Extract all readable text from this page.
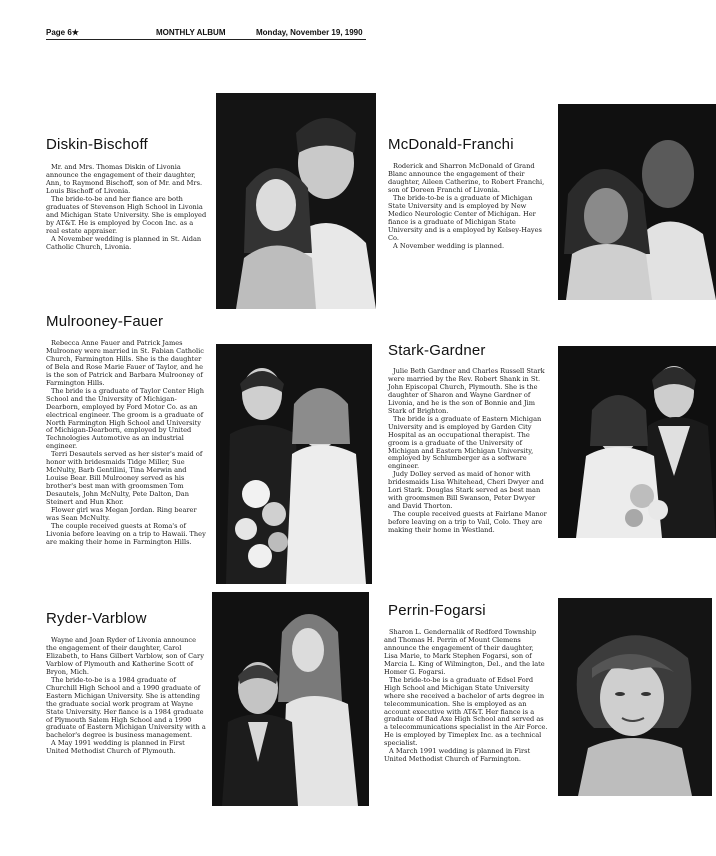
Page 6★	MONTHLY ALBUM	Monday, November 19, 1990
Diskin-Bischoff

Mr. and Mrs. Thomas Diskin of Livonia announce the engagement of their daughter, Ann, to Raymond Bischoff, son of Mr. and Mrs. Louis Bischoff of Livonia.

The bride-to-be and her fiance are both graduates of Stevenson High School in Livonia and Michigan State University. She is employed by AT&T. He is employed by Cocon Inc. as a real estate appraiser.

A November wedding is planned in St. Aidan Catholic Church, Livonia.

McDonald-Franchi

Roderick and Sharron McDonald of Grand Blanc announce the engagement of their daughter, Aileen Catherine, to Robert Franchi, son of Doreen Franchi of Livonia.

The bride-to-be is a graduate of Michigan State University and is employed by New Medico Neurologic Center of Michigan. Her fiance is a graduate of Michigan State University and is a employed by Kelsey-Hayes Co.

A November wedding is planned.

Mulrooney-Fauer

Rebecca Anne Fauer and Patrick James Mulrooney were married in St. Fabian Catholic Church, Farmington Hills. She is the daughter of Bela and Rose Marie Fauer of Taylor, and he is the son of Patrick and Barbara Mulrooney of Farmington Hills.

The bride is a graduate of Taylor Center High School and the University of Michigan-Dearborn, employed by Ford Motor Co. as an electrical engineer. The groom is a graduate of North Farmington High School and University of Michigan-Dearborn, employed by United Technologies Automotive as an industrial engineer.

Terri Desautels served as her sister's maid of honor with bridesmaids Tidge Miller, Sue McNulty, Barb Gentilini, Tina Merwin and Louise Bear. Bill Mulrooney served as his brother's best man with groomsmen Tom Desautels, John McNulty, Pete Dalton, Dan Steinert and Hun Khor.

Flower girl was Megan Jordan. Ring bearer was Sean McNulty.

The couple received guests at Roma's of Livonia before leaving on a trip to Hawaii. They are making their home in Farmington Hills.

Stark-Gardner

Julie Beth Gardner and Charles Russell Stark were married by the Rev. Robert Shank in St. John Episcopal Church, Plymouth. She is the daughter of Sharon and Wayne Gardner of Livonia, and he is the son of Bonnie and Jim Stark of Brighton.

The bride is a graduate of Eastern Michigan University and is employed by Garden City Hospital as an occupational therapist. The groom is a graduate of the University of Michigan and Eastern Michigan University, employed by Schlumberger as a software engineer.

Judy Dolley served as maid of honor with bridesmaids Lisa Whitehead, Cheri Dwyer and Lori Stark. Douglas Stark served as best man with groomsmen Bill Swanson, Peter Dwyer and David Thorton.

The couple received guests at Fairlane Manor before leaving on a trip to Vail, Colo. They are making their home in Westland.

Ryder-Varblow

Wayne and Joan Ryder of Livonia announce the engagement of their daughter, Carol Elizabeth, to Hans Gilbert Varblow, son of Cary Varblow of Plymouth and Katherine Scott of Bryon, Mich.

The bride-to-be is a 1984 graduate of Churchill High School and a 1990 graduate of Eastern Michigan University. She is attending the graduate social work program at Wayne State University. Her fiance is a 1984 graduate of Plymouth Salem High School and a 1990 graduate of Eastern Michigan University with a bachelor's degree is business management.

A May 1991 wedding is planned in First United Methodist Church of Plymouth.

Perrin-Fogarsi

Sharon L. Gendernalik of Redford Township and Thomas H. Perrin of Mount Clemens announce the engagement of their daughter, Lisa Marie, to Mark Stephen Fogarsi, son of Marcia L. King of Wilmington, Del., and the late Homer G. Fogarsi.

The bride-to-be is a graduate of Edsel Ford High School and Michigan State University where she received a bachelor of arts degree in telecommunication. She is employed as an account executive with AT&T. Her fiance is a graduate of Bad Axe High School and served as a telecommunications specialist in the Air Force. He is employed by Timeplex Inc. as a technical specialist.

A March 1991 wedding is planned in First United Methodist Church of Farmington.
